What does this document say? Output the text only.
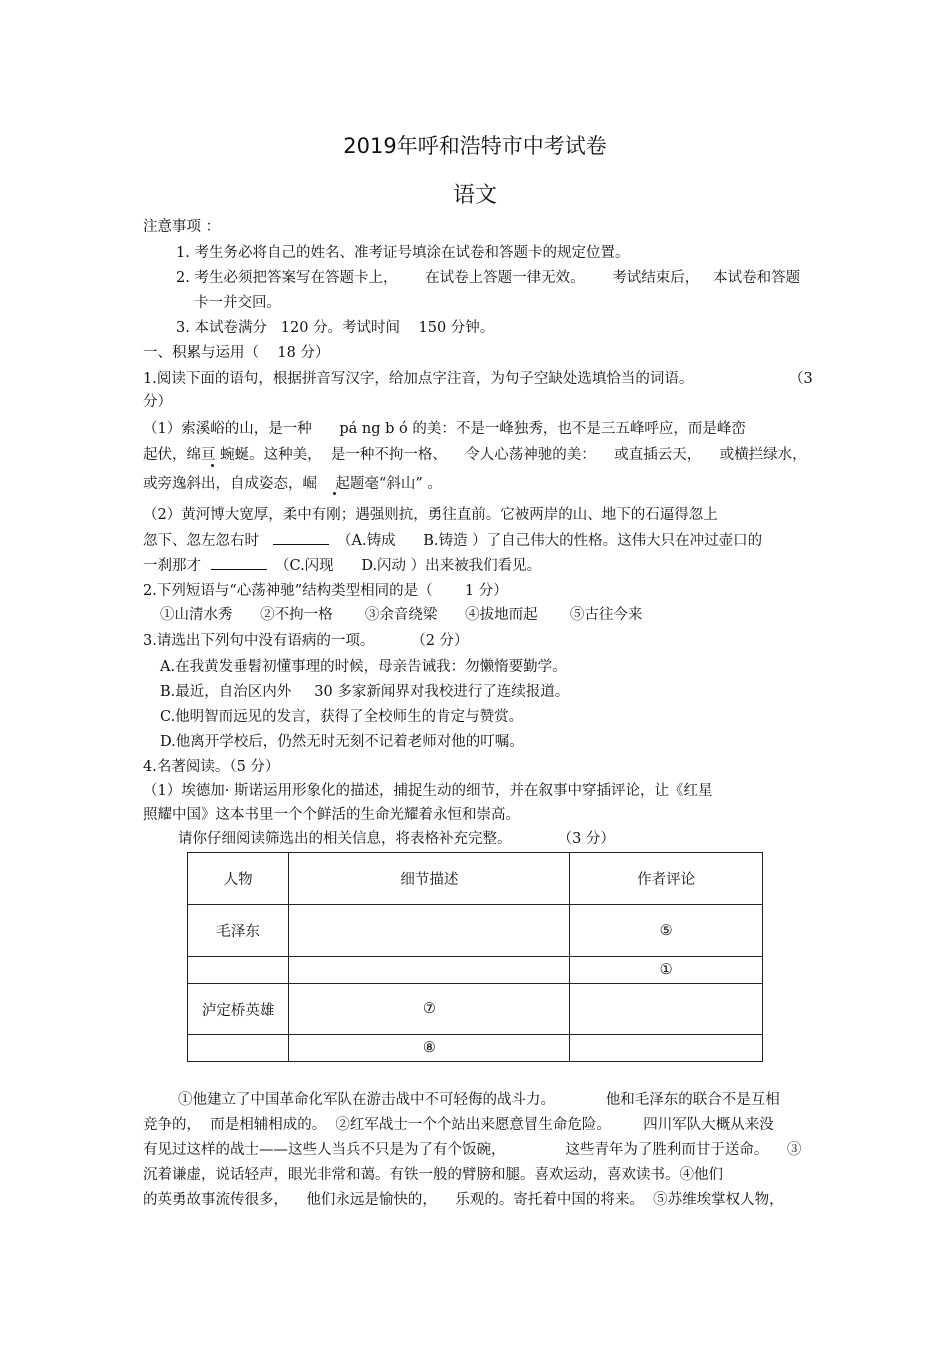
2019年呼和浩特市中考试卷
语文
注意事项 ：
1. 考生务必将自己的姓名、准考证号填涂在试卷和答题卡的规定位置。
2. 考生必须把答案写在答题卡上，      在试卷上答题一律无效。      考试结束后，   本试卷和答题
卡一并交回。
3. 本试卷满分   120 分。考试时间    150 分钟。
一、积累与运用（    18 分）
1.阅读下面的语句，根据拼音写汉字，给加点字注音，为句子空缺处选填恰当的词语。	（3
分）
（1）索溪峪的山，是一种      pá ng b ó 的美：不是一峰独秀，也不是三五峰呼应，而是峰峦
起伏，绵亘 蜿蜒。这种美，  是一种不拘一格、    令人心荡神驰的美：    或直插云天，    或横拦绿水，
或旁逸斜出，自成姿态，崛    起题毫“斜山” 。
（2）黄河博大宽厚，柔中有刚；遇强则抗，勇往直前。它被两岸的山、地下的石逼得忽上
忽下、忽左忽右时	（A.铸成      B.铸造 ）了自己伟大的性格。这伟大只在冲过壶口的
一刹那才	（C.闪现      D.闪动 ）出来被我们看见。
2.下列短语与“心荡神驰”结构类型相同的是（       1 分）
①山清水秀      ②不拘一格       ③余音绕梁      ④拔地而起       ⑤古往今来
3.请选出下列句中没有语病的一项。        （2 分）
A.在我黄发垂髫初懂事理的时候，母亲告诫我：勿懒惰要勤学。
B.最近，自治区内外     30 多家新闻界对我校进行了连续报道。
C.他明智而远见的发言，获得了全校师生的肯定与赞赏。
D.他离开学校后，仍然无时无刻不记着老师对他的叮嘱。
4.名著阅读。（5 分）
（1）埃德加· 斯诺运用形象化的描述，捕捉生动的细节，并在叙事中穿插评论，让《红星
照耀中国》这本书里一个个鲜活的生命光耀着永恒和崇高。
请你仔细阅读筛选出的相关信息，将表格补充完整。          （3 分）
人物	细节描述	作者评论
毛泽东		⑤
		①
泸定桥英雄	⑦	
	⑧	
①他建立了中国革命化军队在游击战中不可轻侮的战斗力。           他和毛泽东的联合不是互相
竞争的，  而是相辅相成的。  ②红军战士一个个站出来愿意冒生命危险。       四川军队大概从来没
有见过这样的战士——这些人当兵不只是为了有个饭碗，             这些青年为了胜利而甘于送命。    ③
沉着谦虚，说话轻声，眼光非常和蔼。有铁一般的臂膀和腿。喜欢运动，喜欢读书。④他们
的英勇故事流传很多，    他们永远是愉快的，    乐观的。寄托着中国的将来。  ⑤苏维埃掌权人物，
